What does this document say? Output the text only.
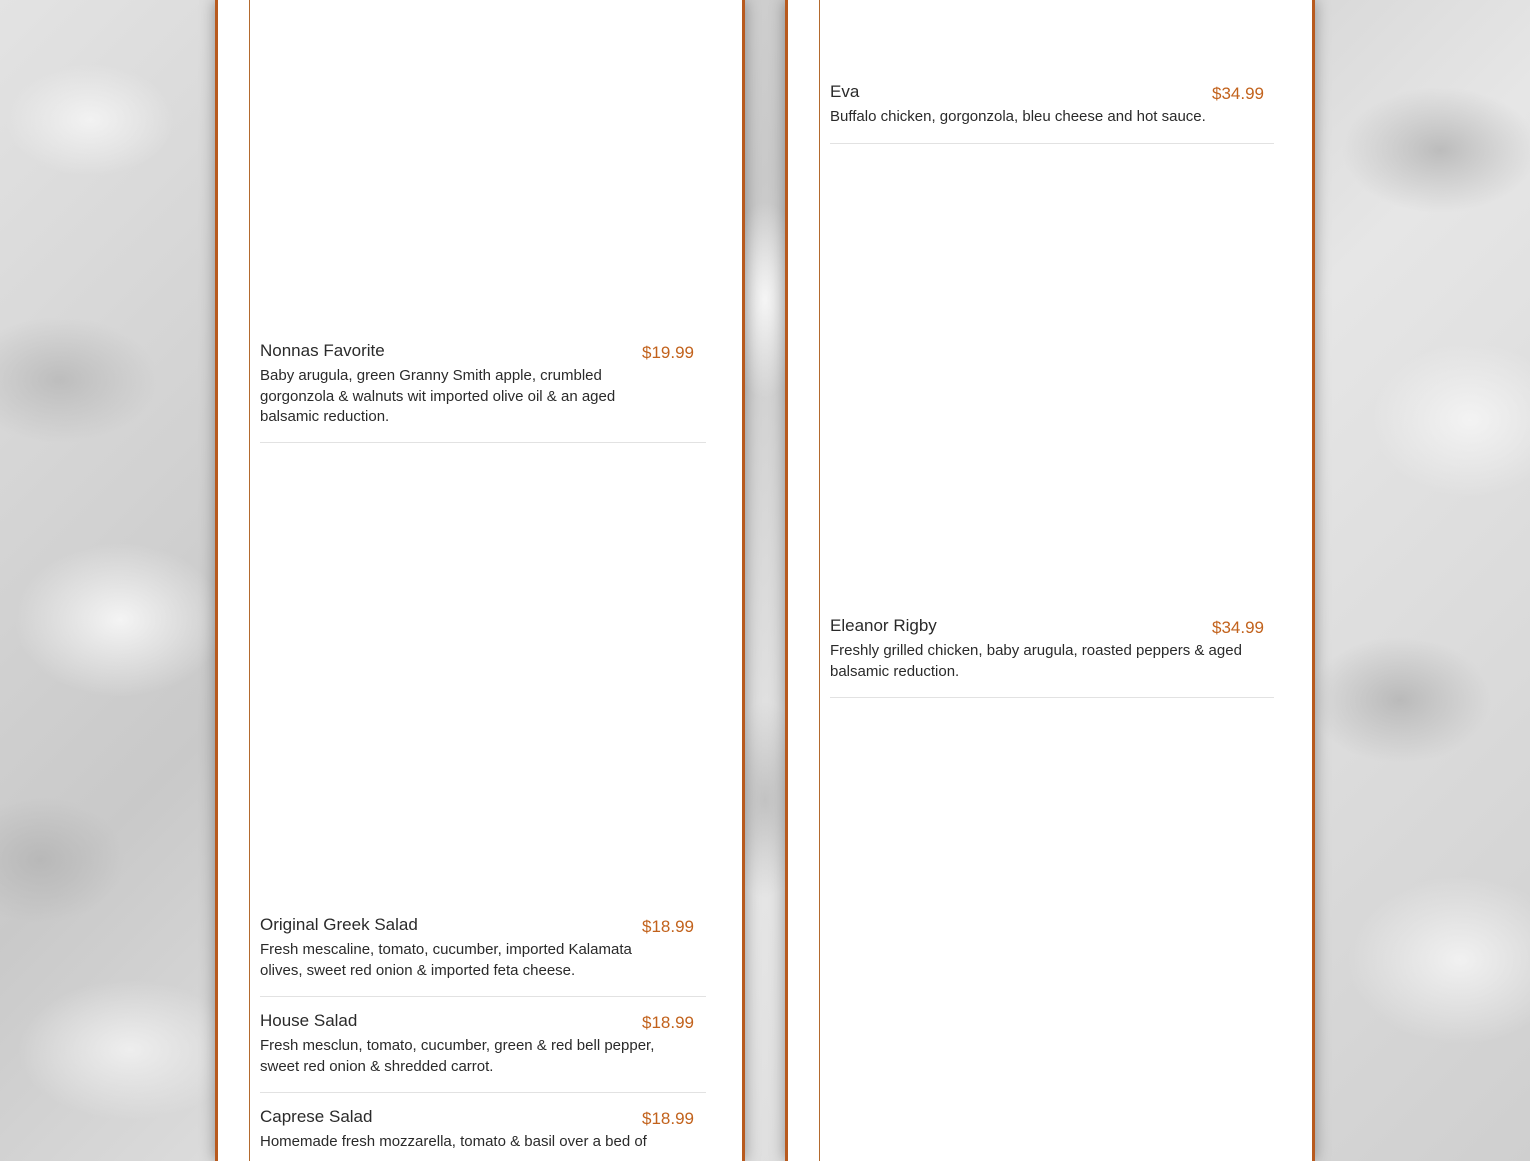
Nonnas Favorite	$19.99
Baby arugula, green Granny Smith apple, crumbled gorgonzola & walnuts wit imported olive oil & an aged balsamic reduction.
Original Greek Salad	$18.99
Fresh mescaline, tomato, cucumber, imported Kalamata olives, sweet red onion & imported feta cheese.
House Salad	$18.99
Fresh mesclun, tomato, cucumber, green & red bell pepper, sweet red onion & shredded carrot.
Caprese Salad	$18.99
Homemade fresh mozzarella, tomato & basil over a bed of
Eva	$34.99
Buffalo chicken, gorgonzola, bleu cheese and hot sauce.
Eleanor Rigby	$34.99
Freshly grilled chicken, baby arugula, roasted peppers & aged balsamic reduction.
